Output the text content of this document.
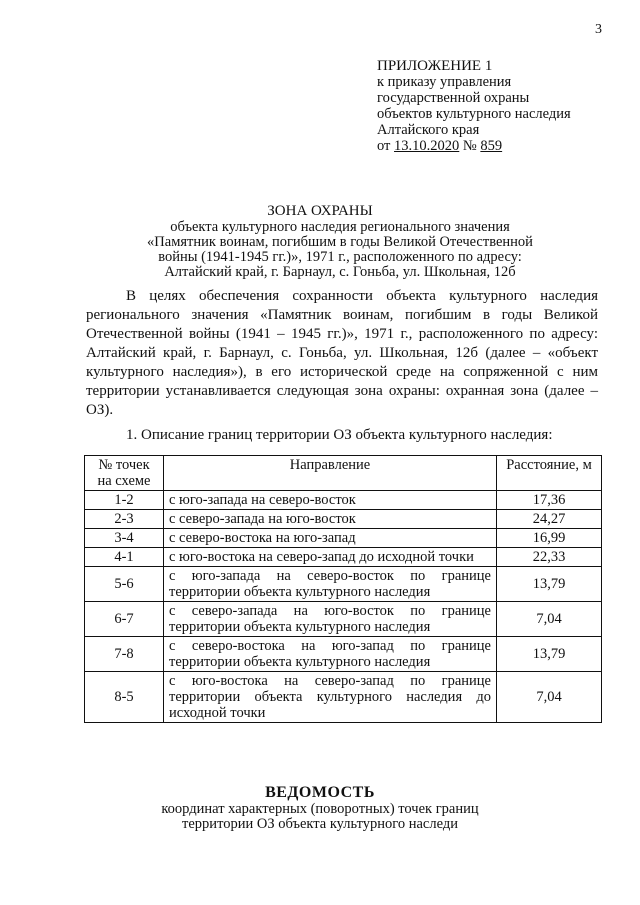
3
ПРИЛОЖЕНИЕ 1
к приказу управления
государственной охраны
объектов культурного наследия
Алтайского края
от 13.10.2020 № 859
ЗОНА ОХРАНЫ
объекта культурного наследия регионального значения
«Памятник воинам, погибшим в годы Великой Отечественной
войны (1941-1945 гг.)», 1971 г., расположенного по адресу:
Алтайский край, г. Барнаул, с. Гоньба, ул. Школьная, 12б

В целях обеспечения сохранности объекта культурного наследия регионального значения «Памятник воинам, погибшим в годы Великой Отечественной войны (1941 – 1945 гг.)», 1971 г., расположенного по адресу: Алтайский край, г. Барнаул, с. Гоньба, ул. Школьная, 12б (далее – «объект культурного наследия»), в его исторической среде на сопряженной с ним территории устанавливается следующая зона охраны: охранная зона (далее – ОЗ).

1. Описание границ территории ОЗ объекта культурного наследия:
№ точек на схеме	Направление	Расстояние, м
1-2	с юго-запада на северо-восток	17,36
2-3	с северо-запада на юго-восток	24,27
3-4	с северо-востока на юго-запад	16,99
4-1	с юго-востока на северо-запад до исходной точки	22,33
5-6	с юго-запада на северо-восток по границе территории объекта культурного наследия	13,79
6-7	с северо-запада на юго-восток по границе территории объекта культурного наследия	7,04
7-8	с северо-востока на юго-запад по границе территории объекта культурного наследия	13,79
8-5	с юго-востока на северо-запад по границе территории объекта культурного наследия до исходной точки	7,04
ВЕДОМОСТЬ
координат характерных (поворотных) точек границ
территории ОЗ объекта культурного наследи
